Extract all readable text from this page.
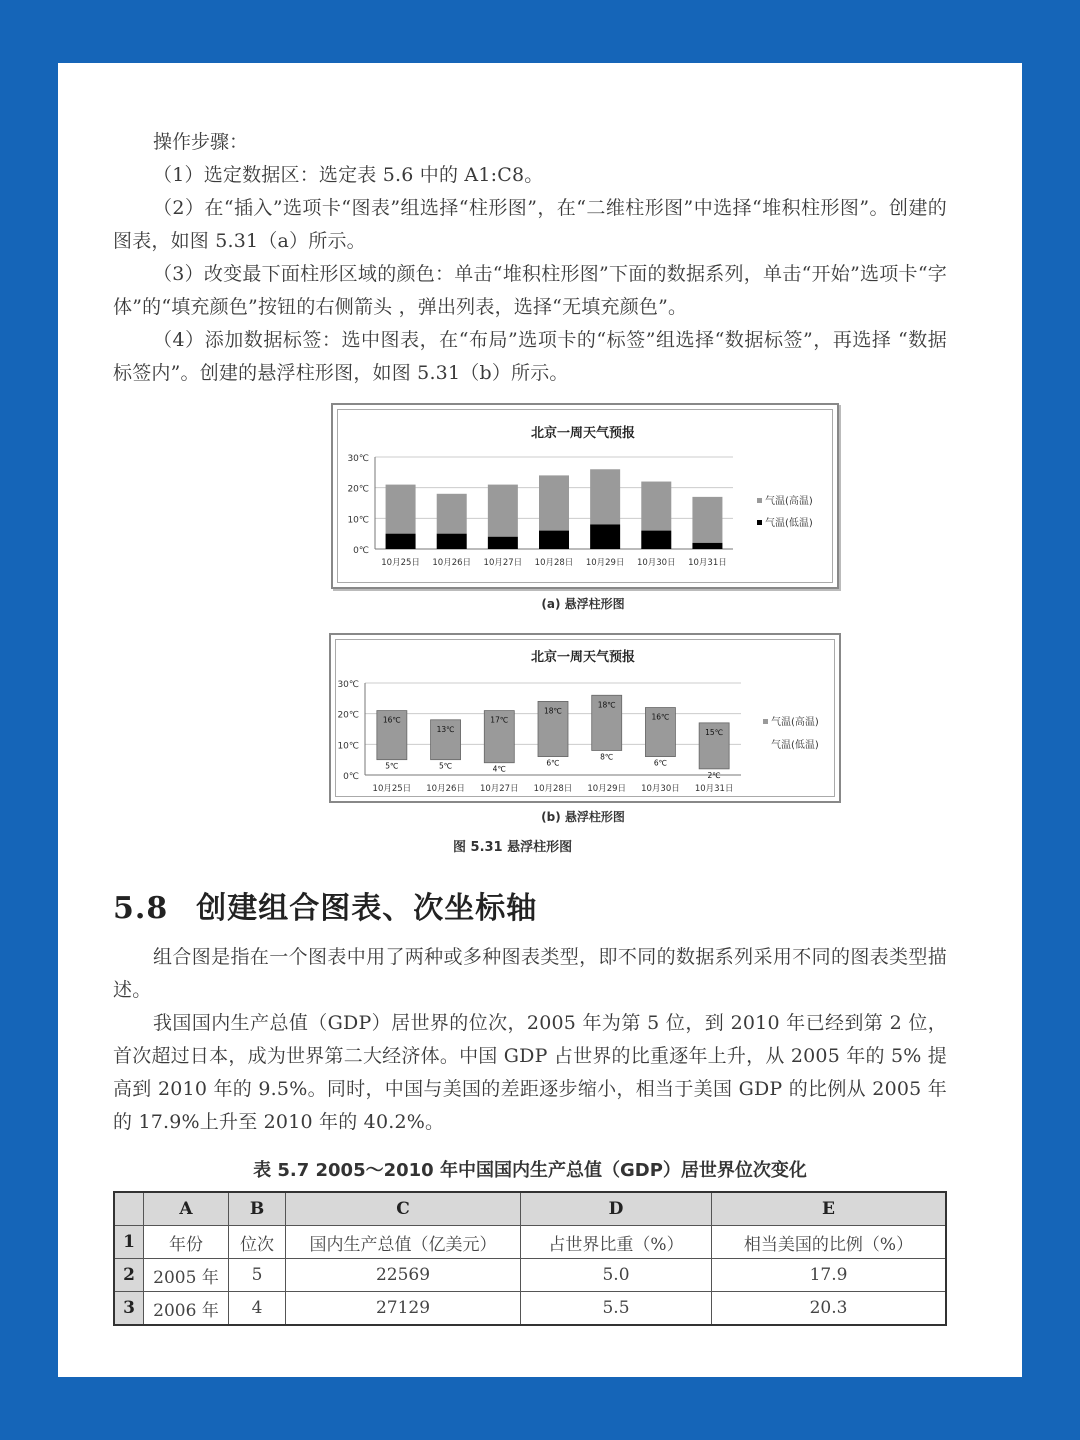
操作步骤：

（1）选定数据区：选定表 5.6 中的 A1:C8。

（2）在“插入”选项卡“图表”组选择“柱形图”，在“二维柱形图”中选择“堆积柱形图”。创建的图表，如图 5.31（a）所示。

（3）改变最下面柱形区域的颜色：单击“堆积柱形图”下面的数据系列，单击“开始”选项卡“字体”的“填充颜色”按钮的右侧箭头 ，弹出列表，选择“无填充颜色”。

（4）添加数据标签：选中图表，在“布局”选项卡的“标签”组选择“数据标签”，再选择 “数据标签内”。创建的悬浮柱形图，如图 5.31（b）所示。

北京一周天气预报
0℃
10℃
20℃
30℃
10月25日 10月26日 10月27日 10月28日 10月29日 10月30日 10月31日
气温(高温)
气温(低温)
(a) 悬浮柱形图
北京一周天气预报
0℃
10℃
20℃
30℃
16℃
5℃
10月25日
13℃
5℃
10月26日
17℃
4℃
10月27日
18℃
6℃
10月28日
18℃
8℃
10月29日
16℃
6℃
10月30日
15℃
2℃
10月31日
气温(高温)
气温(低温)
(b) 悬浮柱形图
图 5.31 悬浮柱形图
5.8 创建组合图表、次坐标轴

组合图是指在一个图表中用了两种或多种图表类型，即不同的数据系列采用不同的图表类型描述。

我国国内生产总值（GDP）居世界的位次，2005 年为第 5 位，到 2010 年已经到第 2 位，首次超过日本，成为世界第二大经济体。中国 GDP 占世界的比重逐年上升，从 2005 年的 5% 提高到 2010 年的 9.5%。同时，中国与美国的差距逐步缩小，相当于美国 GDP 的比例从 2005 年的 17.9%上升至 2010 年的 40.2%。

表 5.7 2005～2010 年中国国内生产总值（GDP）居世界位次变化
	A	B	C	D	E
1	年份	位次	国内生产总值（亿美元）	占世界比重（%）	相当美国的比例（%）
2	2005 年	5	22569	5.0	17.9
3	2006 年	4	27129	5.5	20.3
